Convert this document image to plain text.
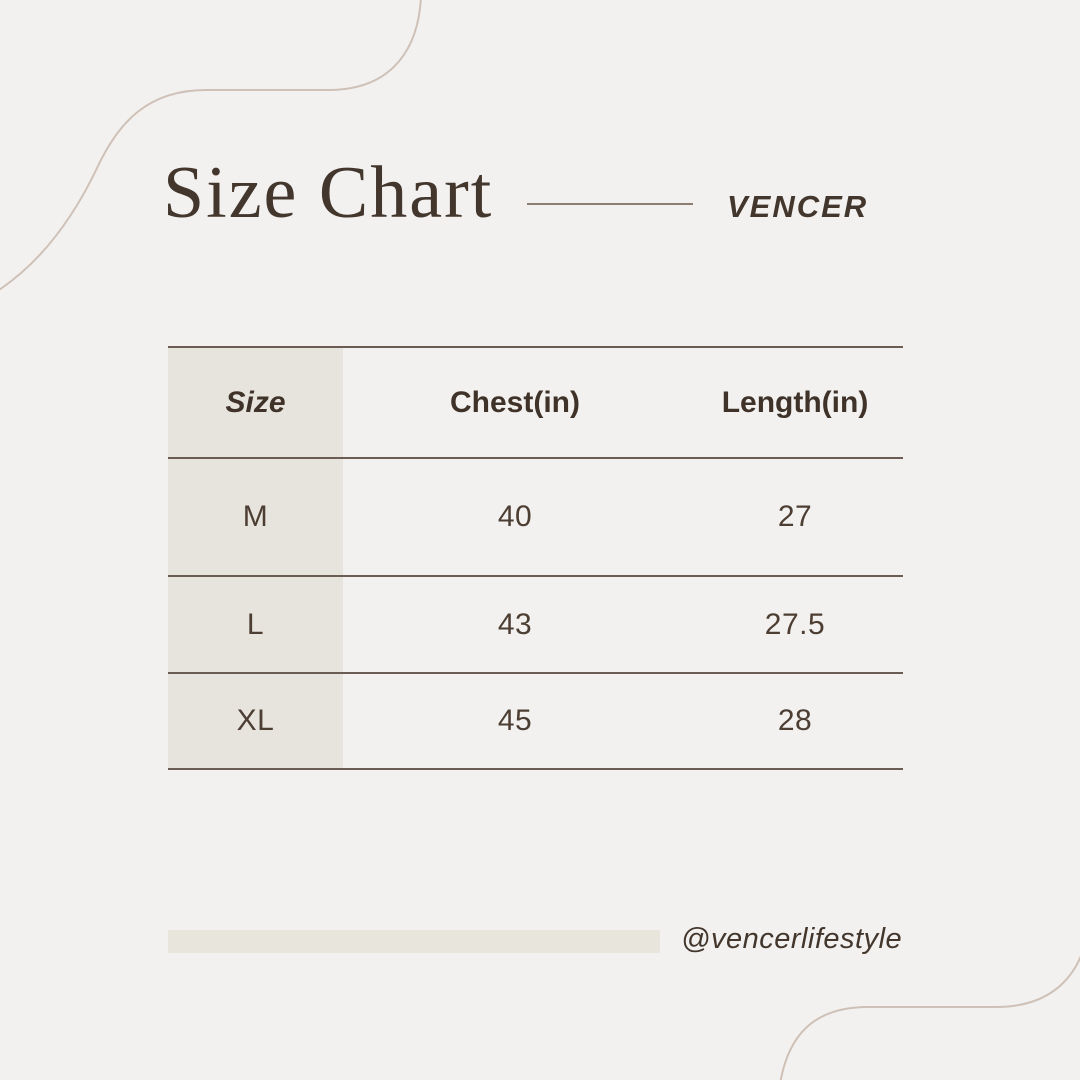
Size Chart	VENCER
Size	Chest(in)	Length(in)
M	40	27
L	43	27.5
XL	45	28
@vencerlifestyle
